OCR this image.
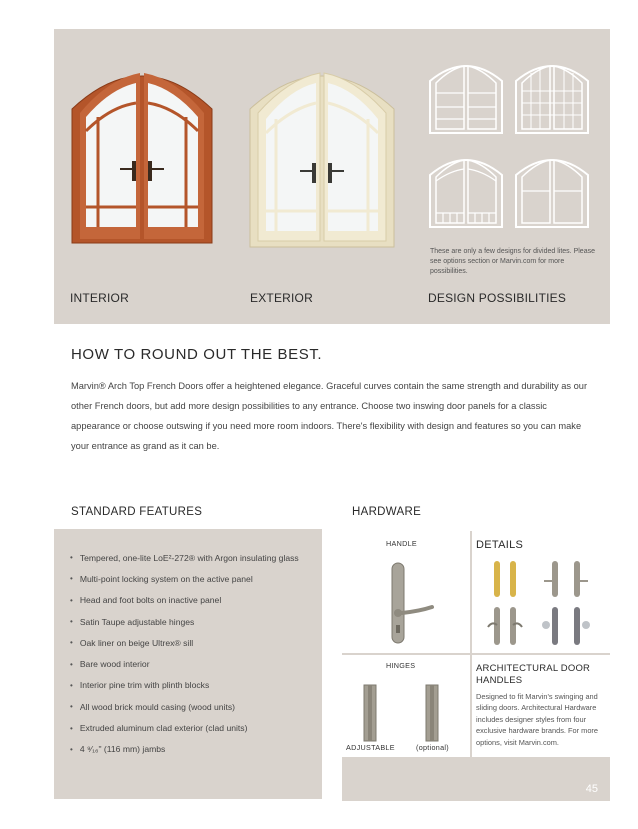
These are only a few designs for divided lites. Please see options section or Marvin.com for more possibilities.
INTERIOR	EXTERIOR	DESIGN POSSIBILITIES
HOW TO ROUND OUT THE BEST.

Marvin® Arch Top French Doors offer a heightened elegance. Graceful curves contain the same strength and durability as our other French doors, but add more design possibilities to any entrance. Choose two inswing door panels for a classic appearance or choose outswing if you need more room indoors. There's flexibility with design and features so you can make your entrance as grand as it can be.

STANDARD FEATURES	HARDWARE
• Tempered, one-lite LoE²-272® with Argon insulating glass
• Multi-point locking system on the active panel
• Head and foot bolts on inactive panel
• Satin Taupe adjustable hinges
• Oak liner on beige Ultrex® sill
• Bare wood interior
• Interior pine trim with plinth blocks
• All wood brick mould casing (wood units)
• Extruded aluminum clad exterior (clad units)
• 4 ⁹⁄₁₆" (116 mm) jambs
HANDLE	DETAILS
HINGES
ADJUSTABLE	(optional)
ARCHITECTURAL DOOR HANDLES
Designed to fit Marvin's swinging and sliding doors. Architectural Hardware includes designer styles from four exclusive hardware brands. For more options, visit Marvin.com.
45
